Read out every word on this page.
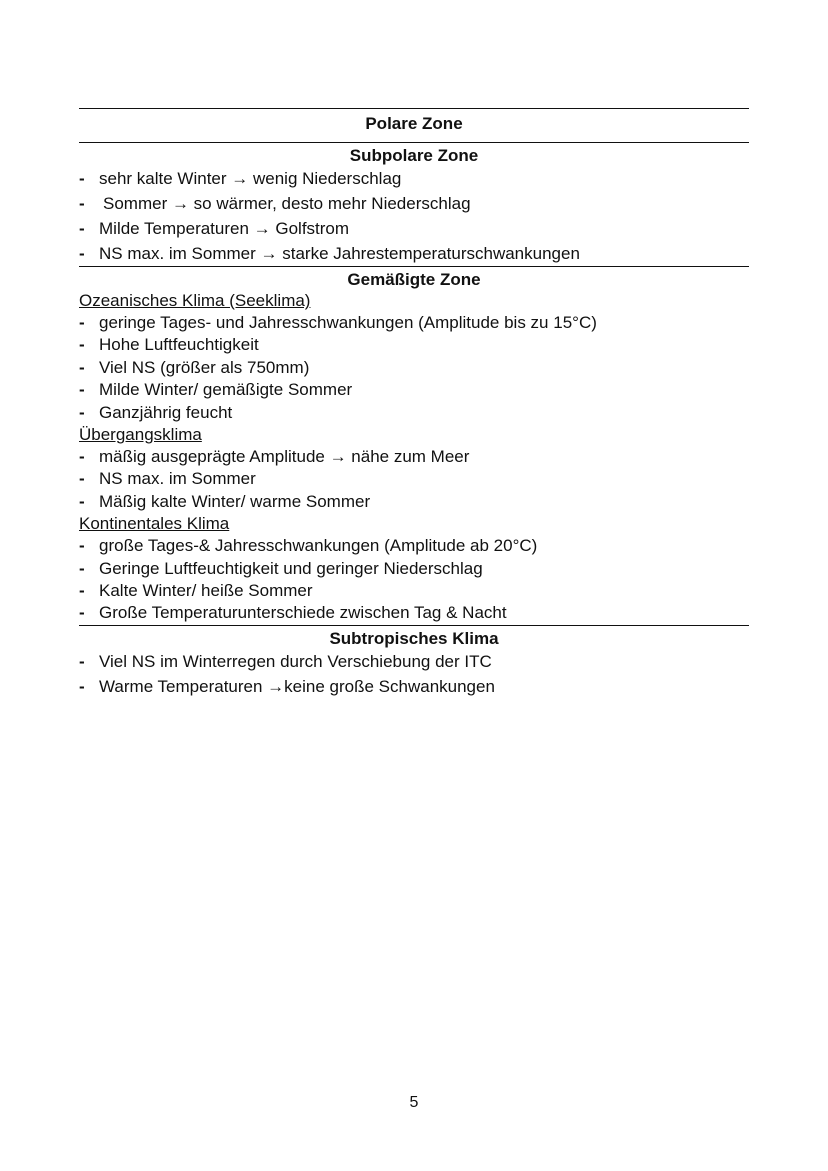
Polare Zone
Subpolare Zone
- sehr kalte Winter → wenig Niederschlag
- Sommer → so wärmer, desto mehr Niederschlag
- Milde Temperaturen → Golfstrom
- NS max. im Sommer → starke Jahrestemperaturschwankungen
Gemäßigte Zone
Ozeanisches Klima (Seeklima)
- geringe Tages- und Jahresschwankungen (Amplitude bis zu 15°C)
- Hohe Luftfeuchtigkeit
- Viel NS (größer als 750mm)
- Milde Winter/ gemäßigte Sommer
- Ganzjährig feucht
Übergangsklima
- mäßig ausgeprägte Amplitude → nähe zum Meer
- NS max. im Sommer
- Mäßig kalte Winter/ warme Sommer
Kontinentales Klima
- große Tages-& Jahresschwankungen (Amplitude ab 20°C)
- Geringe Luftfeuchtigkeit und geringer Niederschlag
- Kalte Winter/ heiße Sommer
- Große Temperaturunterschiede zwischen Tag & Nacht
Subtropisches Klima
- Viel NS im Winterregen durch Verschiebung der ITC
- Warme Temperaturen →keine große Schwankungen
5
